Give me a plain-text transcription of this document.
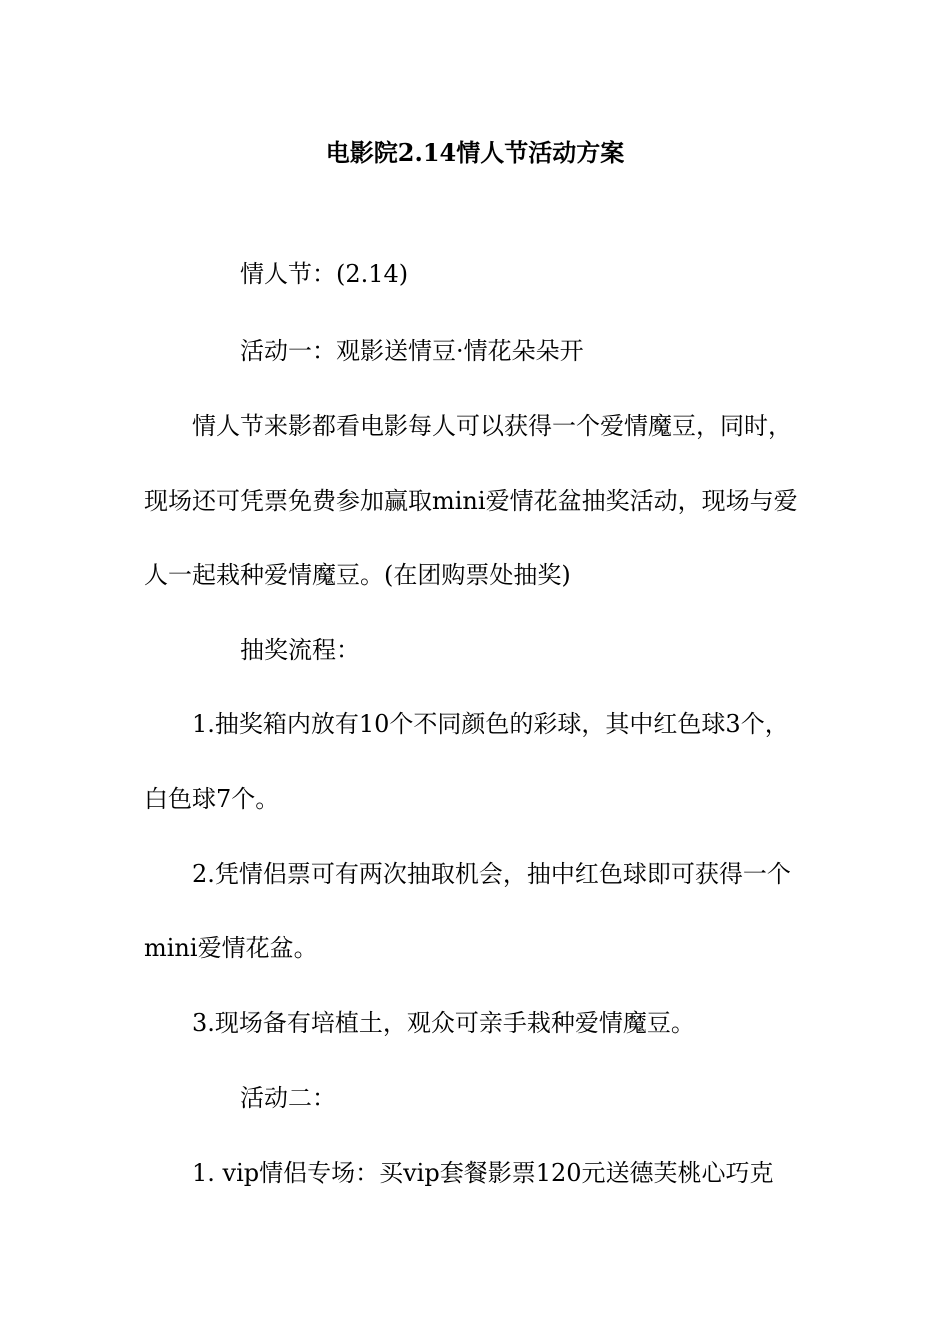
电影院2.14情人节活动方案
情人节：(2.14)
活动一：观影送情豆·情花朵朵开
情人节来影都看电影每人可以获得一个爱情魔豆，同时，
现场还可凭票免费参加赢取mini爱情花盆抽奖活动，现场与爱
人一起栽种爱情魔豆。(在团购票处抽奖)
抽奖流程：
1.抽奖箱内放有10个不同颜色的彩球，其中红色球3个，
白色球7个。
2.凭情侣票可有两次抽取机会，抽中红色球即可获得一个
mini爱情花盆。
3.现场备有培植土，观众可亲手栽种爱情魔豆。
活动二：
1. vip情侣专场：买vip套餐影票120元送德芙桃心巧克
